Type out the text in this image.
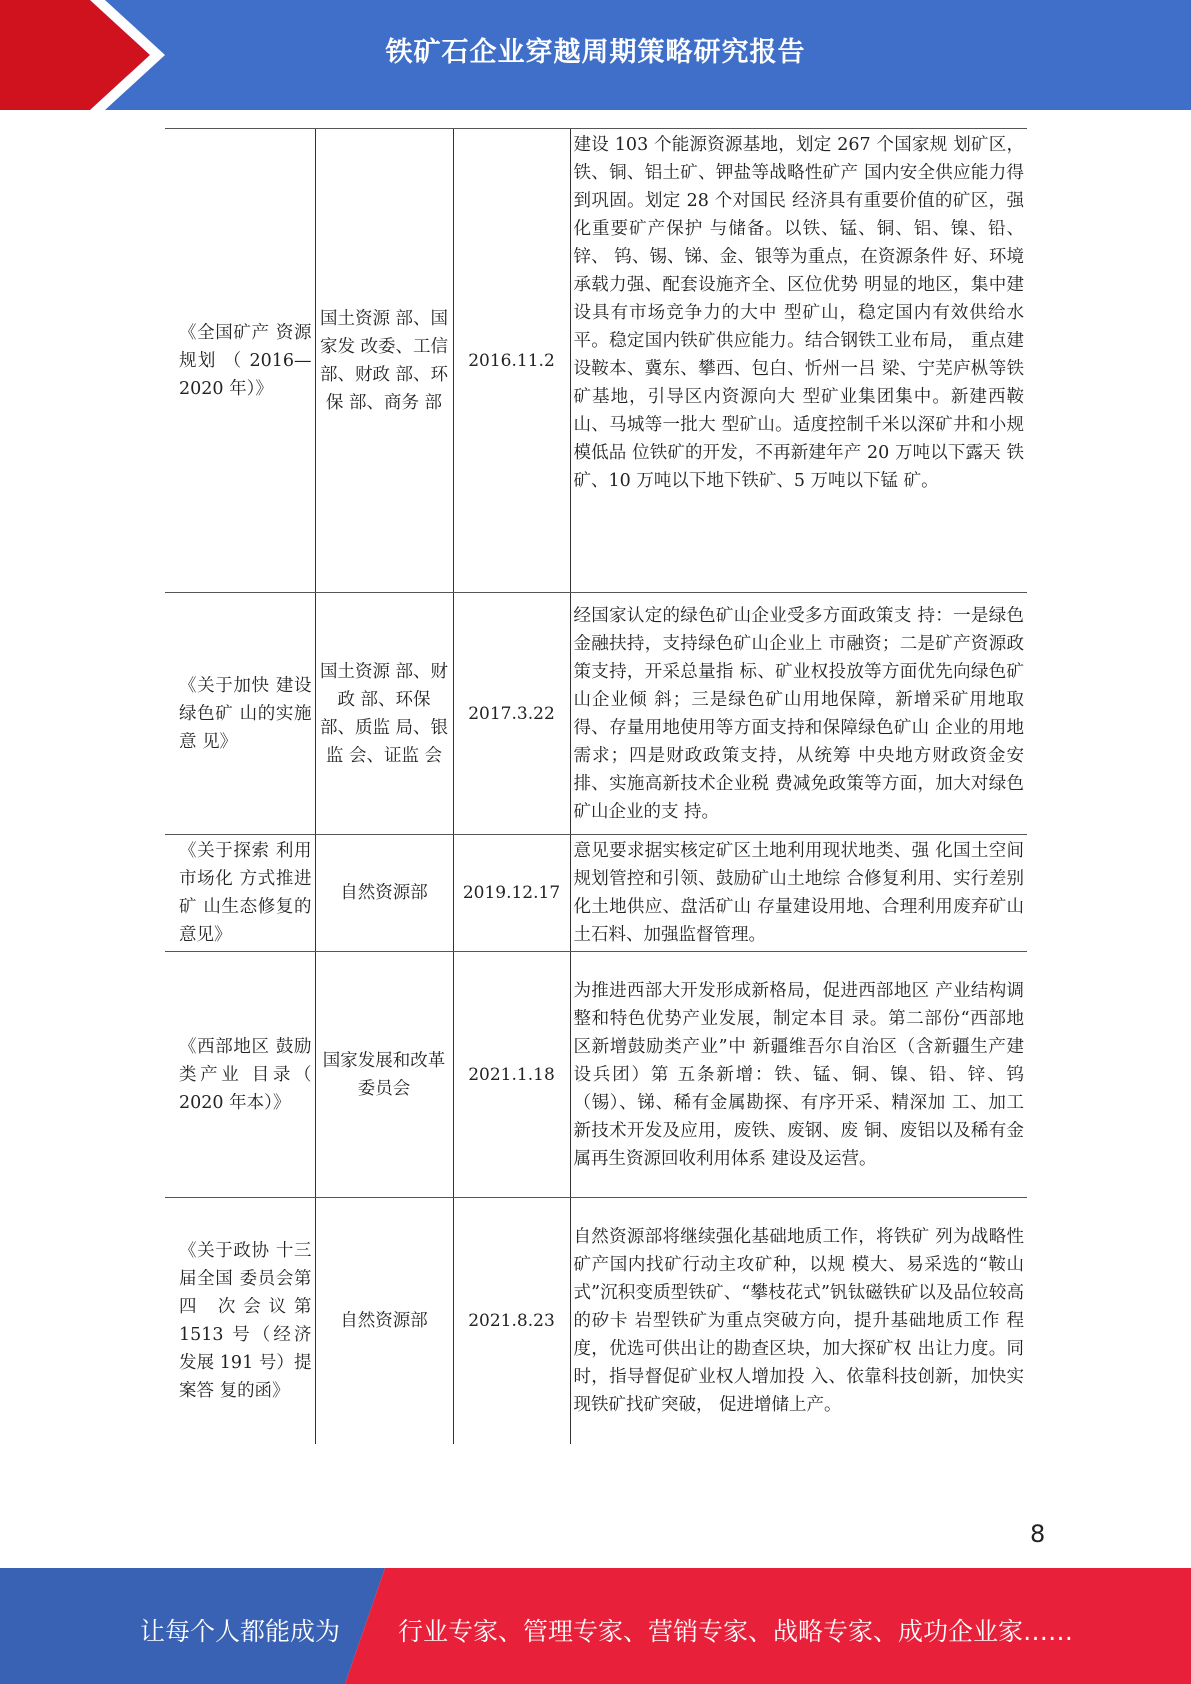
铁矿石企业穿越周期策略研究报告
《全国矿产 资源规划 （ 2016— 2020 年）》	国土资源 部、国家发 改委、工信 部、财政 部、环保 部、商务 部	2016.11.2	建设 103 个能源资源基地，划定 267 个国家规 划矿区，铁、铜、铝土矿、钾盐等战略性矿产 国内安全供应能力得到巩固。划定 28 个对国民 经济具有重要价值的矿区，强化重要矿产保护 与储备。以铁、锰、铜、铝、镍、铅、锌、 钨、锡、锑、金、银等为重点，在资源条件 好、环境承载力强、配套设施齐全、区位优势 明显的地区，集中建设具有市场竞争力的大中 型矿山，稳定国内有效供给水平。稳定国内铁矿供应能力。结合钢铁工业布局， 重点建设鞍本、冀东、攀西、包白、忻州一吕 梁、宁芜庐枞等铁矿基地，引导区内资源向大 型矿业集团集中。新建西鞍山、马城等一批大 型矿山。适度控制千米以深矿井和小规模低品 位铁矿的开发，不再新建年产 20 万吨以下露天 铁矿、10 万吨以下地下铁矿、5 万吨以下锰 矿。
《关于加快 建设绿色矿 山的实施意 见》	国土资源 部、财政 部、环保 部、质监 局、银监 会、证监 会	2017.3.22	经国家认定的绿色矿山企业受多方面政策支 持：一是绿色金融扶持，支持绿色矿山企业上 市融资；二是矿产资源政策支持，开采总量指 标、矿业权投放等方面优先向绿色矿山企业倾 斜；三是绿色矿山用地保障，新增采矿用地取 得、存量用地使用等方面支持和保障绿色矿山 企业的用地需求；四是财政政策支持，从统筹 中央地方财政资金安排、实施高新技术企业税 费减免政策等方面，加大对绿色矿山企业的支 持。
《关于探索 利用市场化 方式推进矿 山生态修复的意见》	自然资源部	2019.12.17	意见要求据实核定矿区土地利用现状地类、强 化国土空间规划管控和引领、鼓励矿山土地综 合修复利用、实行差别化土地供应、盘活矿山 存量建设用地、合理利用废弃矿山土石料、加强监督管理。
《西部地区 鼓励类产业 目录（ 2020 年本）》	国家发展和改革委员会	2021.1.18	为推进西部大开发形成新格局，促进西部地区 产业结构调整和特色优势产业发展，制定本目 录。第二部份“西部地区新增鼓励类产业”中 新疆维吾尔自治区（含新疆生产建设兵团）第 五条新增：铁、锰、铜、镍、铅、锌、钨（锡）、锑、稀有金属勘探、有序开采、精深加 工、加工新技术开发及应用，废铁、废钢、废 铜、废铝以及稀有金属再生资源回收利用体系 建设及运营。
《关于政协 十三届全国 委员会第四 次会议第 1513 号（经济发展 191 号）提案答 复的函》	自然资源部	2021.8.23	自然资源部将继续强化基础地质工作，将铁矿 列为战略性矿产国内找矿行动主攻矿种，以规 模大、易采选的“鞍山式”沉积变质型铁矿、“攀枝花式”钒钛磁铁矿以及品位较高的矽卡 岩型铁矿为重点突破方向，提升基础地质工作 程度，优选可供出让的勘查区块，加大探矿权 出让力度。同时，指导督促矿业权人增加投 入、依靠科技创新，加快实现铁矿找矿突破， 促进增储上产。
8
让每个人都能成为 行业专家、管理专家、营销专家、战略专家、成功企业家……
